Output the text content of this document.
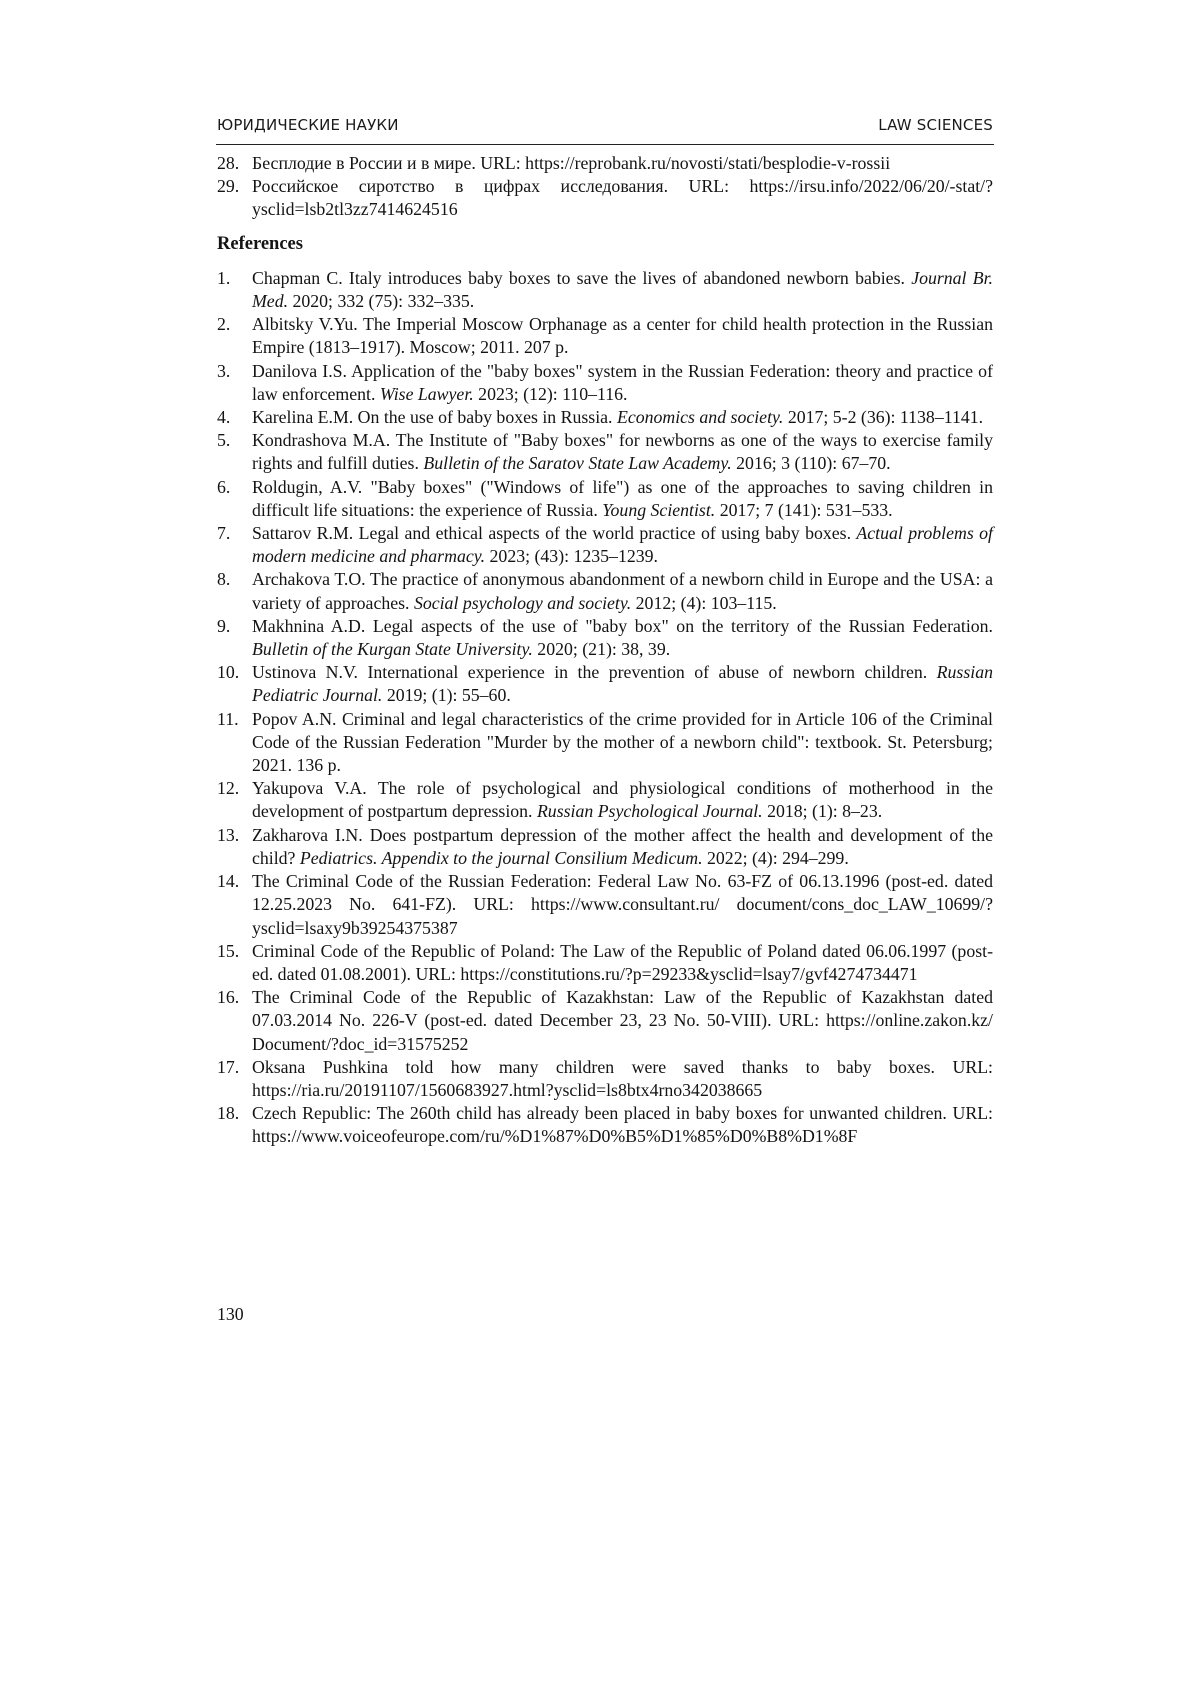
ЮРИДИЧЕСКИЕ НАУКИ	LAW SCIENCES
28. Бесплодие в России и в мире. URL: https://reprobank.ru/novosti/stati/besplodie-v-rossii
29. Российское сиротство в цифрах исследования. URL: https://irsu.info/2022/06/20/-stat/?ysclid=lsb2tl3zz7414624516
References
1. Chapman C. Italy introduces baby boxes to save the lives of abandoned newborn babies. Journal Br. Med. 2020; 332 (75): 332–335.
2. Albitsky V.Yu. The Imperial Moscow Orphanage as a center for child health protection in the Russian Empire (1813–1917). Moscow; 2011. 207 p.
3. Danilova I.S. Application of the "baby boxes" system in the Russian Federation: theory and practice of law enforcement. Wise Lawyer. 2023; (12): 110–116.
4. Karelina E.M. On the use of baby boxes in Russia. Economics and society. 2017; 5-2 (36): 1138–1141.
5. Kondrashova M.A. The Institute of "Baby boxes" for newborns as one of the ways to exercise family rights and fulfill duties. Bulletin of the Saratov State Law Academy. 2016; 3 (110): 67–70.
6. Roldugin, A.V. "Baby boxes" ("Windows of life") as one of the approaches to saving children in difficult life situations: the experience of Russia. Young Scientist. 2017; 7 (141): 531–533.
7. Sattarov R.M. Legal and ethical aspects of the world practice of using baby boxes. Actual problems of modern medicine and pharmacy. 2023; (43): 1235–1239.
8. Archakova T.O. The practice of anonymous abandonment of a newborn child in Europe and the USA: a variety of approaches. Social psychology and society. 2012; (4): 103–115.
9. Makhnina A.D. Legal aspects of the use of "baby box" on the territory of the Russian Federation. Bulletin of the Kurgan State University. 2020; (21): 38, 39.
10. Ustinova N.V. International experience in the prevention of abuse of newborn children. Russian Pediatric Journal. 2019; (1): 55–60.
11. Popov A.N. Criminal and legal characteristics of the crime provided for in Article 106 of the Criminal Code of the Russian Federation "Murder by the mother of a newborn child": textbook. St. Petersburg; 2021. 136 p.
12. Yakupova V.A. The role of psychological and physiological conditions of motherhood in the development of postpartum depression. Russian Psychological Journal. 2018; (1): 8–23.
13. Zakharova I.N. Does postpartum depression of the mother affect the health and development of the child? Pediatrics. Appendix to the journal Consilium Medicum. 2022; (4): 294–299.
14. The Criminal Code of the Russian Federation: Federal Law No. 63-FZ of 06.13.1996 (post-ed. dated 12.25.2023 No. 641-FZ). URL: https://www.consultant.ru/ document/cons_doc_LAW_10699/?ysclid=lsaxy9b39254375387
15. Criminal Code of the Republic of Poland: The Law of the Republic of Poland dated 06.06.1997 (post-ed. dated 01.08.2001). URL: https://constitutions.ru/?p=29233&ysclid=lsay7/gvf4274734471
16. The Criminal Code of the Republic of Kazakhstan: Law of the Republic of Kazakhstan dated 07.03.2014 No. 226-V (post-ed. dated December 23, 23 No. 50-VIII). URL: https://online.zakon.kz/ Document/?doc_id=31575252
17. Oksana Pushkina told how many children were saved thanks to baby boxes. URL: https://ria.ru/20191107/1560683927.html?ysclid=ls8btx4rno342038665
18. Czech Republic: The 260th child has already been placed in baby boxes for unwanted children. URL: https://www.voiceofeurope.com/ru/%D1%87%D0%B5%D1%85%D0%B8%D1%8F
130
